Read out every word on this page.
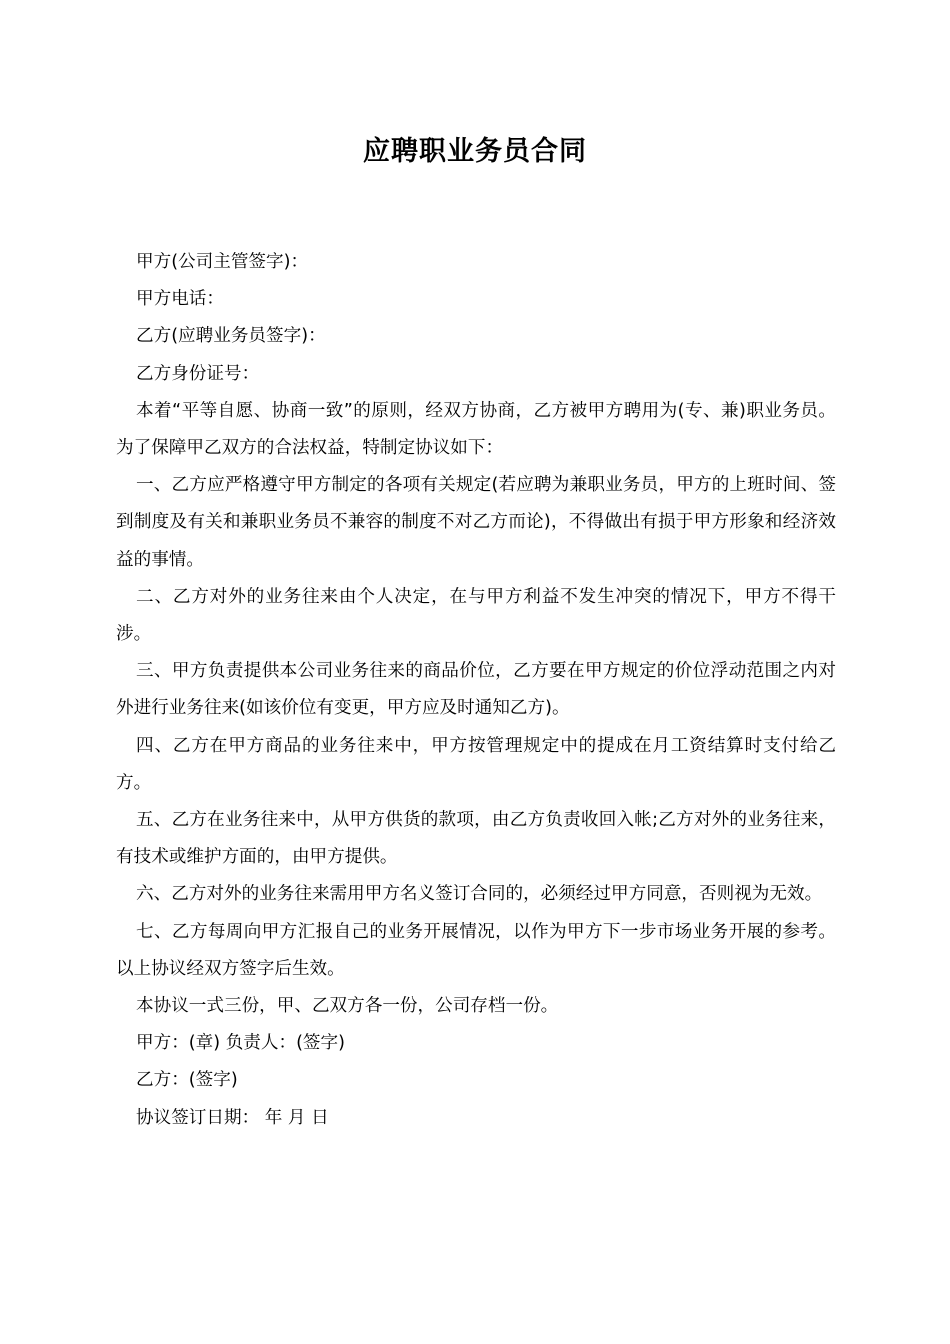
应聘职业务员合同

甲方(公司主管签字)：

甲方电话：

乙方(应聘业务员签字)：

乙方身份证号：

本着“平等自愿、协商一致”的原则，经双方协商，乙方被甲方聘用为(专、兼)职业务员。为了保障甲乙双方的合法权益，特制定协议如下：

一、乙方应严格遵守甲方制定的各项有关规定(若应聘为兼职业务员，甲方的上班时间、签到制度及有关和兼职业务员不兼容的制度不对乙方而论)，不得做出有损于甲方形象和经济效益的事情。

二、乙方对外的业务往来由个人决定，在与甲方利益不发生冲突的情况下，甲方不得干涉。

三、甲方负责提供本公司业务往来的商品价位，乙方要在甲方规定的价位浮动范围之内对外进行业务往来(如该价位有变更，甲方应及时通知乙方)。

四、乙方在甲方商品的业务往来中，甲方按管理规定中的提成在月工资结算时支付给乙方。

五、乙方在业务往来中，从甲方供货的款项，由乙方负责收回入帐;乙方对外的业务往来，有技术或维护方面的，由甲方提供。

六、乙方对外的业务往来需用甲方名义签订合同的，必须经过甲方同意，否则视为无效。

七、乙方每周向甲方汇报自己的业务开展情况，以作为甲方下一步市场业务开展的参考。 以上协议经双方签字后生效。

本协议一式三份，甲、乙双方各一份，公司存档一份。

甲方：(章) 负责人：(签字)

乙方：(签字)

协议签订日期： 年 月 日
